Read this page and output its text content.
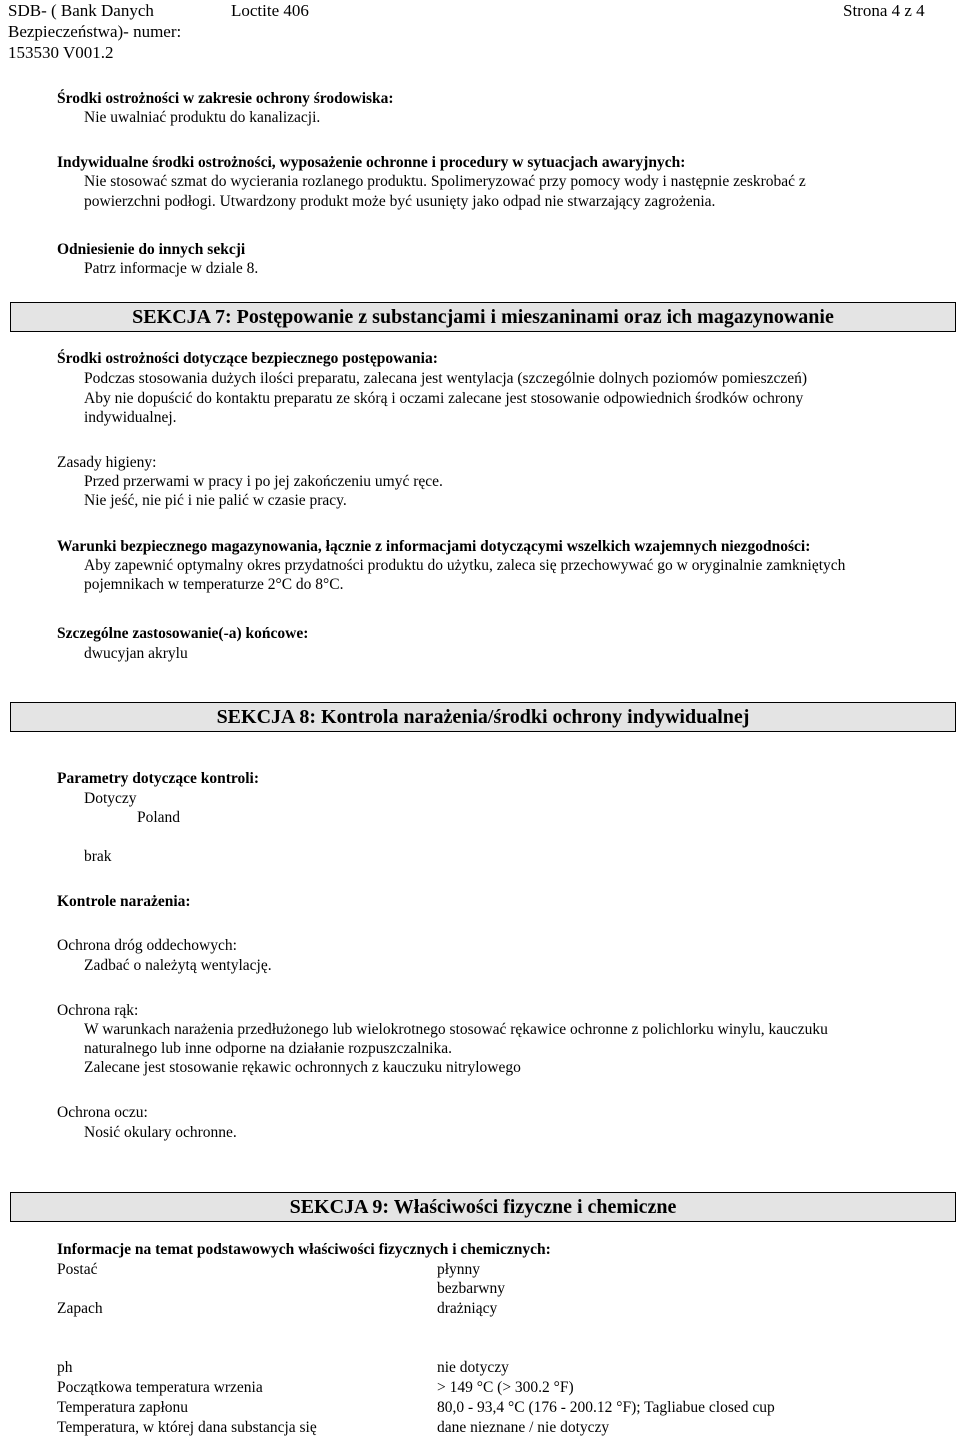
SDB- ( Bank Danych
Bezpieczeństwa)- numer:
153530 V001.2
Loctite 406	Strona 4 z 4
Środki ostrożności w zakresie ochrony środowiska:
Nie uwalniać produktu do kanalizacji.
Indywidualne środki ostrożności, wyposażenie ochronne i procedury w sytuacjach awaryjnych:
Nie stosować szmat do wycierania rozlanego produktu. Spolimeryzować przy pomocy wody i następnie zeskrobać z
powierzchni podłogi. Utwardzony produkt może być usunięty jako odpad nie stwarzający zagrożenia.
Odniesienie do innych sekcji
Patrz informacje w dziale 8.
SEKCJA 7: Postępowanie z substancjami i mieszaninami oraz ich magazynowanie
Środki ostrożności dotyczące bezpiecznego postępowania:
Podczas stosowania dużych ilości preparatu, zalecana jest wentylacja (szczególnie dolnych poziomów pomieszczeń)
Aby nie dopuścić do kontaktu preparatu ze skórą i oczami zalecane jest stosowanie odpowiednich środków ochrony
indywidualnej.
Zasady higieny:
Przed przerwami w pracy i po jej zakończeniu umyć ręce.
Nie jeść, nie pić i nie palić w czasie pracy.
Warunki bezpiecznego magazynowania, łącznie z informacjami dotyczącymi wszelkich wzajemnych niezgodności:
Aby zapewnić optymalny okres przydatności produktu do użytku, zaleca się przechowywać go w oryginalnie zamkniętych
pojemnikach w temperaturze 2°C do 8°C.
Szczególne zastosowanie(-a) końcowe:
dwucyjan akrylu
SEKCJA 8: Kontrola narażenia/środki ochrony indywidualnej
Parametry dotyczące kontroli:
Dotyczy
Poland
brak
Kontrole narażenia:
Ochrona dróg oddechowych:
Zadbać o należytą wentylację.
Ochrona rąk:
W warunkach narażenia przedłużonego lub wielokrotnego stosować rękawice ochronne z polichlorku winylu, kauczuku
naturalnego lub inne odporne na działanie rozpuszczalnika.
Zalecane jest stosowanie rękawic ochronnych z kauczuku nitrylowego
Ochrona oczu:
Nosić okulary ochronne.
SEKCJA 9: Właściwości fizyczne i chemiczne
Informacje na temat podstawowych właściwości fizycznych i chemicznych:
Postać	płynny
bezbarwny
Zapach	drażniący
ph	nie dotyczy
Początkowa temperatura wrzenia	> 149 °C (> 300.2 °F)
Temperatura zapłonu	80,0 - 93,4 °C (176 - 200.12 °F); Tagliabue closed cup
Temperatura, w której dana substancja się	dane nieznane / nie dotyczy
